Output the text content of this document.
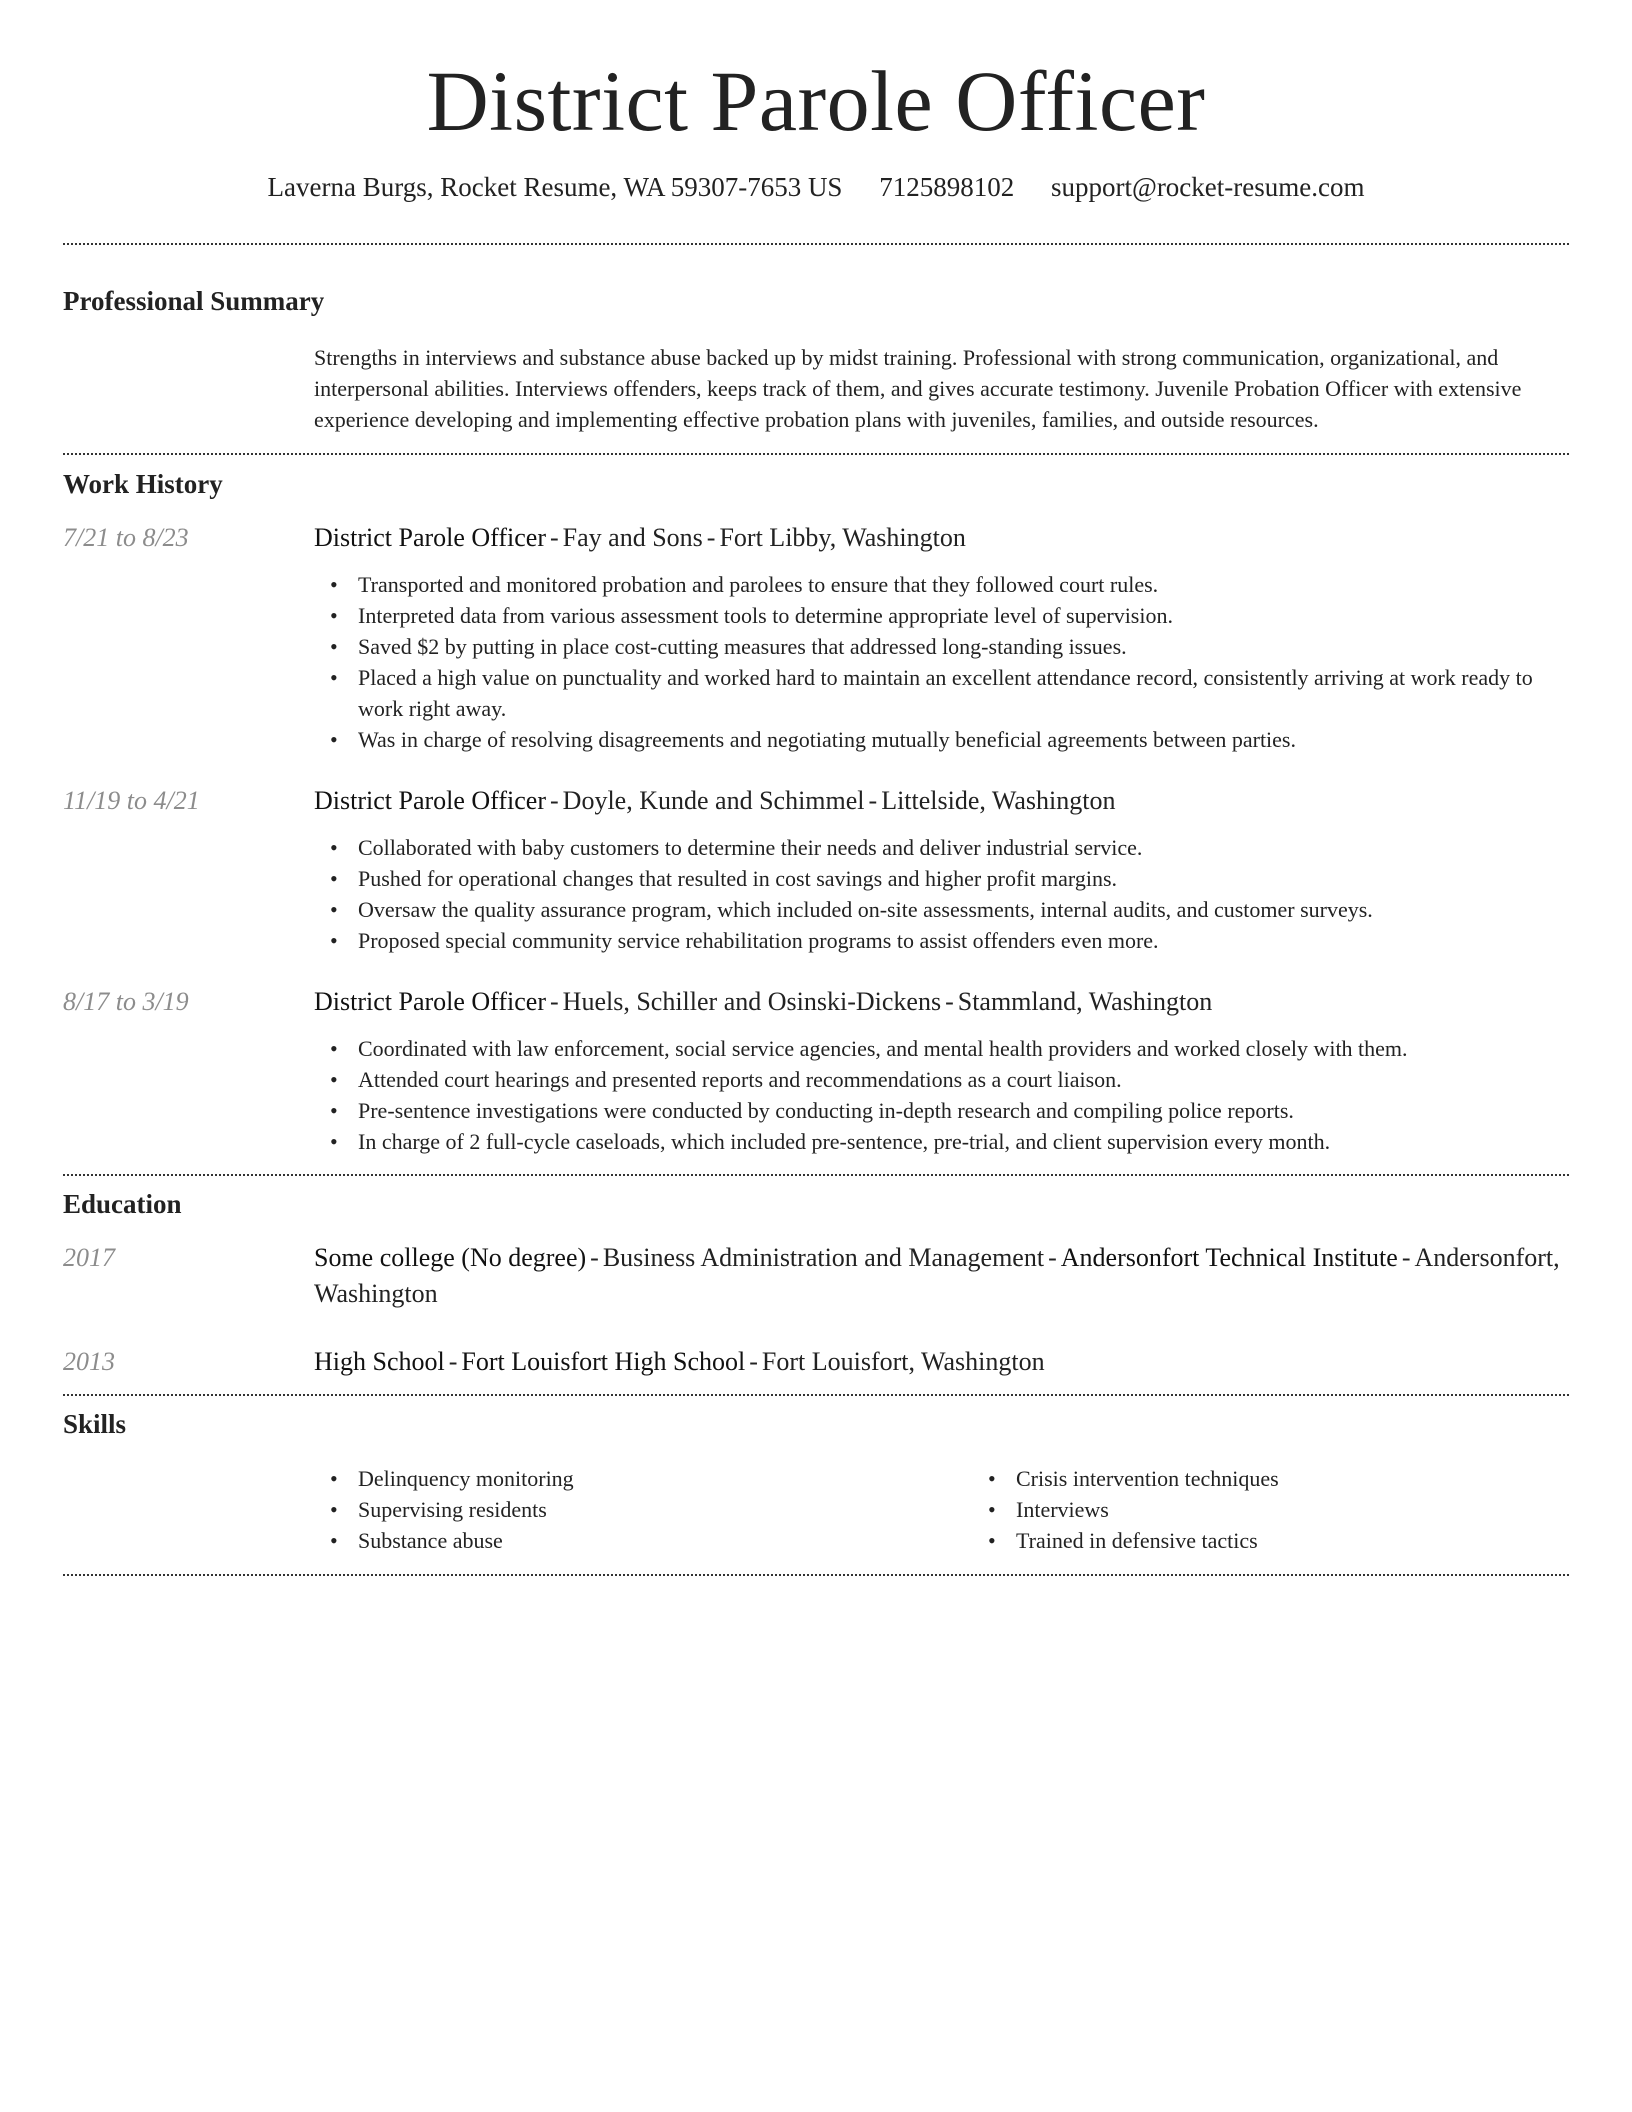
District Parole Officer
Laverna Burgs, Rocket Resume, WA 59307-7653 US 7125898102 support@rocket-resume.com
Professional Summary

Strengths in interviews and substance abuse backed up by midst training. Professional with strong communication, organizational, and interpersonal abilities. Interviews offenders, keeps track of them, and gives accurate testimony. Juvenile Probation Officer with extensive experience developing and implementing effective probation plans with juveniles, families, and outside resources.

Work History
7/21 to 8/23	District Parole Officer - Fay and Sons - Fort Libby, Washington
• Transported and monitored probation and parolees to ensure that they followed court rules.
• Interpreted data from various assessment tools to determine appropriate level of supervision.
• Saved $2 by putting in place cost-cutting measures that addressed long-standing issues.
• Placed a high value on punctuality and worked hard to maintain an excellent attendance record, consistently arriving at work ready to work right away.
• Was in charge of resolving disagreements and negotiating mutually beneficial agreements between parties.
11/19 to 4/21	District Parole Officer - Doyle, Kunde and Schimmel - Littelside, Washington
• Collaborated with baby customers to determine their needs and deliver industrial service.
• Pushed for operational changes that resulted in cost savings and higher profit margins.
• Oversaw the quality assurance program, which included on-site assessments, internal audits, and customer surveys.
• Proposed special community service rehabilitation programs to assist offenders even more.
8/17 to 3/19	District Parole Officer - Huels, Schiller and Osinski-Dickens - Stammland, Washington
• Coordinated with law enforcement, social service agencies, and mental health providers and worked closely with them.
• Attended court hearings and presented reports and recommendations as a court liaison.
• Pre-sentence investigations were conducted by conducting in-depth research and compiling police reports.
• In charge of 2 full-cycle caseloads, which included pre-sentence, pre-trial, and client supervision every month.
Education
2017	Some college (No degree) - Business Administration and Management - Andersonfort Technical Institute - Andersonfort, Washington
2013	High School - Fort Louisfort High School - Fort Louisfort, Washington
Skills
• Delinquency monitoring
• Supervising residents
• Substance abuse
• Crisis intervention techniques
• Interviews
• Trained in defensive tactics
